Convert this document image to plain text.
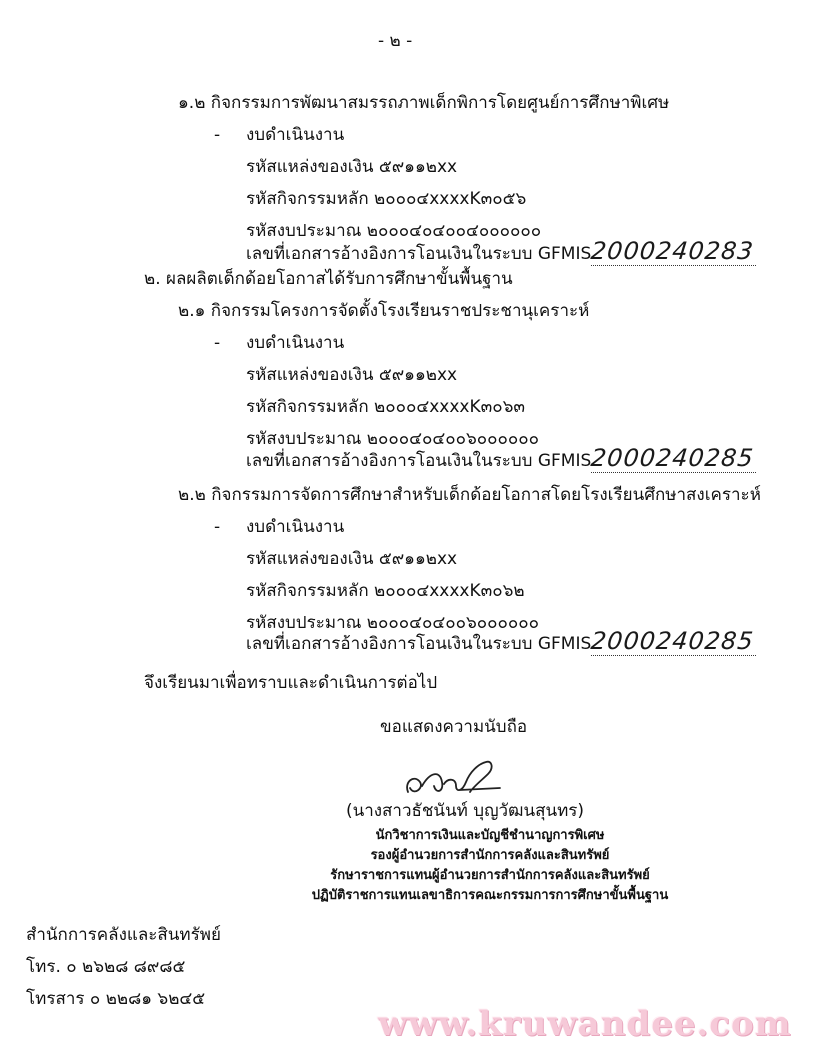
- ๒ -
๑.๒ กิจกรรมการพัฒนาสมรรถภาพเด็กพิการโดยศูนย์การศึกษาพิเศษ
- งบดำเนินงาน
รหัสแหล่งของเงิน ๕๙๑๑๒xx
รหัสกิจกรรมหลัก ๒๐๐๐๔xxxxK๓๐๕๖
รหัสงบประมาณ ๒๐๐๐๔๐๔๐๐๔๐๐๐๐๐๐
เลขที่เอกสารอ้างอิงการโอนเงินในระบบ GFMIS2000240283
๒. ผลผลิตเด็กด้อยโอกาสได้รับการศึกษาขั้นพื้นฐาน
๒.๑ กิจกรรมโครงการจัดตั้งโรงเรียนราชประชานุเคราะห์
- งบดำเนินงาน
รหัสแหล่งของเงิน ๕๙๑๑๒xx
รหัสกิจกรรมหลัก ๒๐๐๐๔xxxxK๓๐๖๓
รหัสงบประมาณ ๒๐๐๐๔๐๔๐๐๖๐๐๐๐๐๐
เลขที่เอกสารอ้างอิงการโอนเงินในระบบ GFMIS2000240285
๒.๒ กิจกรรมการจัดการศึกษาสำหรับเด็กด้อยโอกาสโดยโรงเรียนศึกษาสงเคราะห์
- งบดำเนินงาน
รหัสแหล่งของเงิน ๕๙๑๑๒xx
รหัสกิจกรรมหลัก ๒๐๐๐๔xxxxK๓๐๖๒
รหัสงบประมาณ ๒๐๐๐๔๐๔๐๐๖๐๐๐๐๐๐
เลขที่เอกสารอ้างอิงการโอนเงินในระบบ GFMIS2000240285
จึงเรียนมาเพื่อทราบและดำเนินการต่อไป
ขอแสดงความนับถือ
(นางสาวธัชนันท์ บุญวัฒนสุนทร)
นักวิชาการเงินและบัญชีชำนาญการพิเศษ
รองผู้อำนวยการสำนักการคลังและสินทรัพย์
รักษาราชการแทนผู้อำนวยการสำนักการคลังและสินทรัพย์
ปฏิบัติราชการแทนเลขาธิการคณะกรรมการการศึกษาขั้นพื้นฐาน
สำนักการคลังและสินทรัพย์
โทร. ๐ ๒๖๒๘ ๘๙๘๕
โทรสาร ๐ ๒๒๘๑ ๖๒๔๕
www.kruwandee.com
